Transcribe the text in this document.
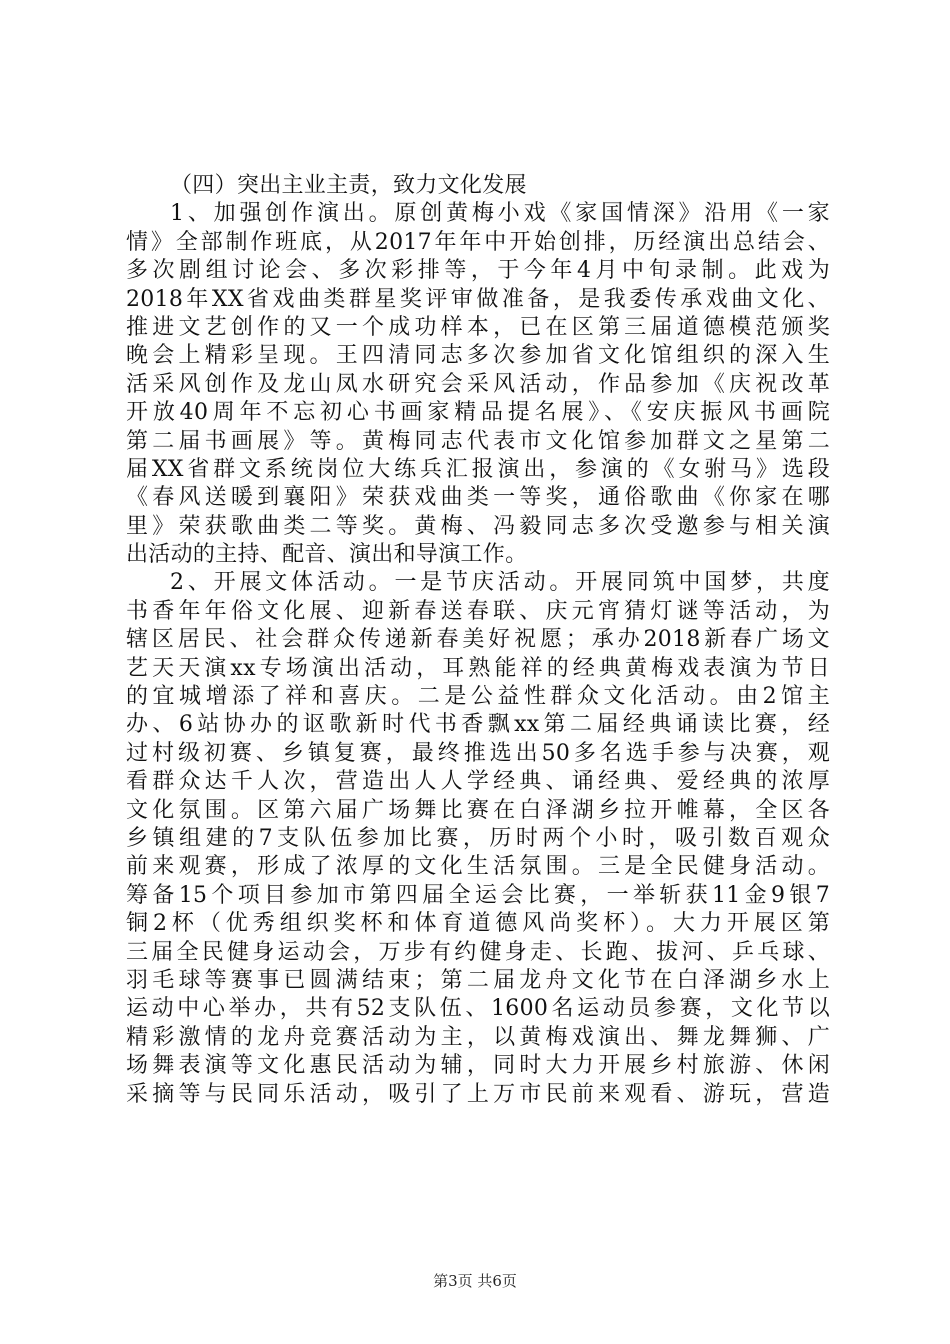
（四）突出主业主责，致力文化发展
1、加强创作演出。原创黄梅小戏《家国情深》沿用《一家
情》全部制作班底，从2017年年中开始创排，历经演出总结会、
多次剧组讨论会、多次彩排等，于今年4月中旬录制。此戏为
2018年XX省戏曲类群星奖评审做准备，是我委传承戏曲文化、
推进文艺创作的又一个成功样本，已在区第三届道德模范颁奖
晚会上精彩呈现。王四清同志多次参加省文化馆组织的深入生
活采风创作及龙山凤水研究会采风活动，作品参加《庆祝改革
开放40周年不忘初心书画家精品提名展》、《安庆振风书画院
第二届书画展》等。黄梅同志代表市文化馆参加群文之星第二
届XX省群文系统岗位大练兵汇报演出，参演的《女驸马》选段
《春风送暖到襄阳》荣获戏曲类一等奖，通俗歌曲《你家在哪
里》荣获歌曲类二等奖。黄梅、冯毅同志多次受邀参与相关演
出活动的主持、配音、演出和导演工作。
2、开展文体活动。一是节庆活动。开展同筑中国梦，共度
书香年年俗文化展、迎新春送春联、庆元宵猜灯谜等活动，为
辖区居民、社会群众传递新春美好祝愿；承办2018新春广场文
艺天天演xx专场演出活动，耳熟能祥的经典黄梅戏表演为节日
的宜城增添了祥和喜庆。二是公益性群众文化活动。由2馆主
办、6站协办的讴歌新时代书香飘xx第二届经典诵读比赛，经
过村级初赛、乡镇复赛，最终推选出50多名选手参与决赛，观
看群众达千人次，营造出人人学经典、诵经典、爱经典的浓厚
文化氛围。区第六届广场舞比赛在白泽湖乡拉开帷幕，全区各
乡镇组建的7支队伍参加比赛，历时两个小时，吸引数百观众
前来观赛，形成了浓厚的文化生活氛围。三是全民健身活动。
筹备15个项目参加市第四届全运会比赛，一举斩获11金9银7
铜2杯（优秀组织奖杯和体育道德风尚奖杯）。大力开展区第
三届全民健身运动会，万步有约健身走、长跑、拔河、乒乓球、
羽毛球等赛事已圆满结束；第二届龙舟文化节在白泽湖乡水上
运动中心举办，共有52支队伍、1600名运动员参赛，文化节以
精彩激情的龙舟竞赛活动为主，以黄梅戏演出、舞龙舞狮、广
场舞表演等文化惠民活动为辅，同时大力开展乡村旅游、休闲
采摘等与民同乐活动，吸引了上万市民前来观看、游玩，营造
第3页 共6页
